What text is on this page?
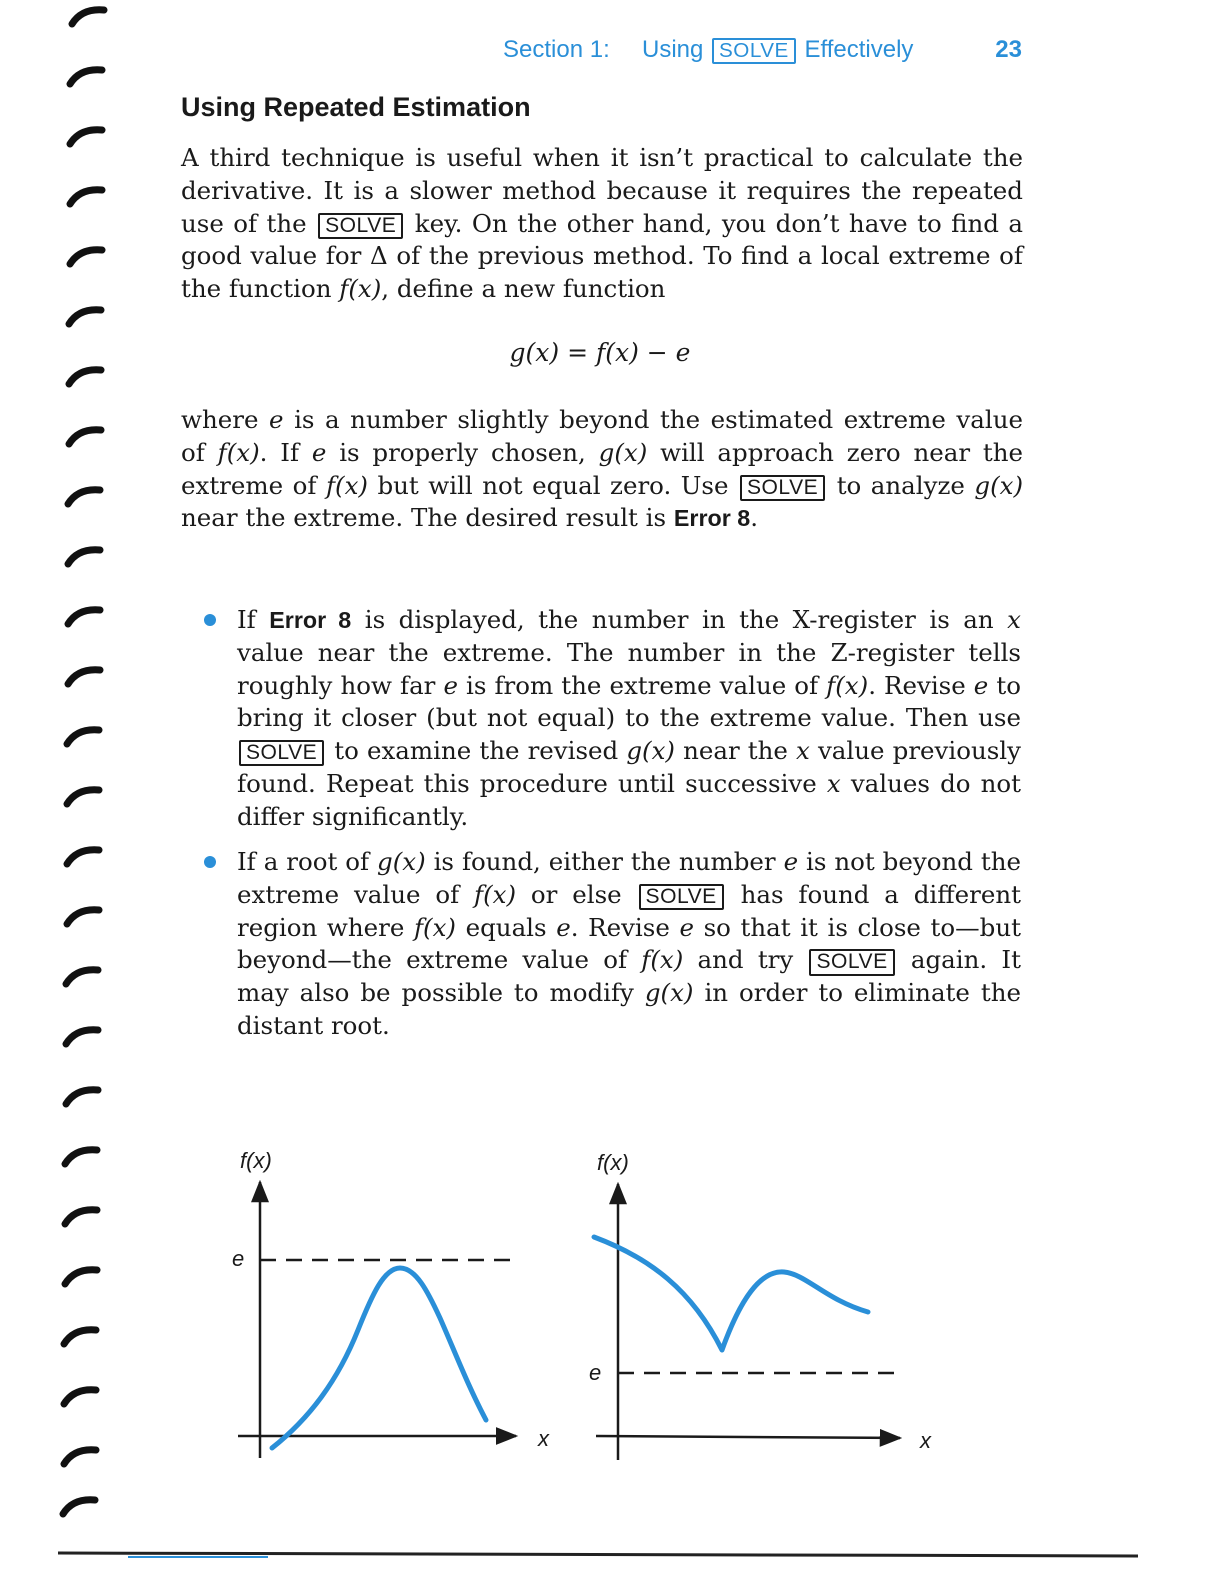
Section 1: Using SOLVE Effectively	23
Using Repeated Estimation

A third technique is useful when it isn’t practical to calculate the derivative. It is a slower method because it requires the repeated use of the SOLVE key. On the other hand, you don’t have to find a good value for Δ of the previous method. To find a local extreme of the function f(x), define a new function

g(x) = f(x) − e

where e is a number slightly beyond the estimated extreme value of f(x). If e is properly chosen, g(x) will approach zero near the extreme of f(x) but will not equal zero. Use SOLVE to analyze g(x) near the extreme. The desired result is Error 8.

If Error 8 is displayed, the number in the X-register is an x value near the extreme. The number in the Z-register tells roughly how far e is from the extreme value of f(x). Revise e to bring it closer (but not equal) to the extreme value. Then use SOLVE to examine the revised g(x) near the x value previously found. Repeat this procedure until successive x values do not differ significantly.

If a root of g(x) is found, either the number e is not beyond the extreme value of f(x) or else SOLVE has found a different region where f(x) equals e. Revise e so that it is close to—but beyond—the extreme value of f(x) and try SOLVE again. It may also be possible to modify g(x) in order to eliminate the distant root.

f(x)
x
e
f(x)
x
e
